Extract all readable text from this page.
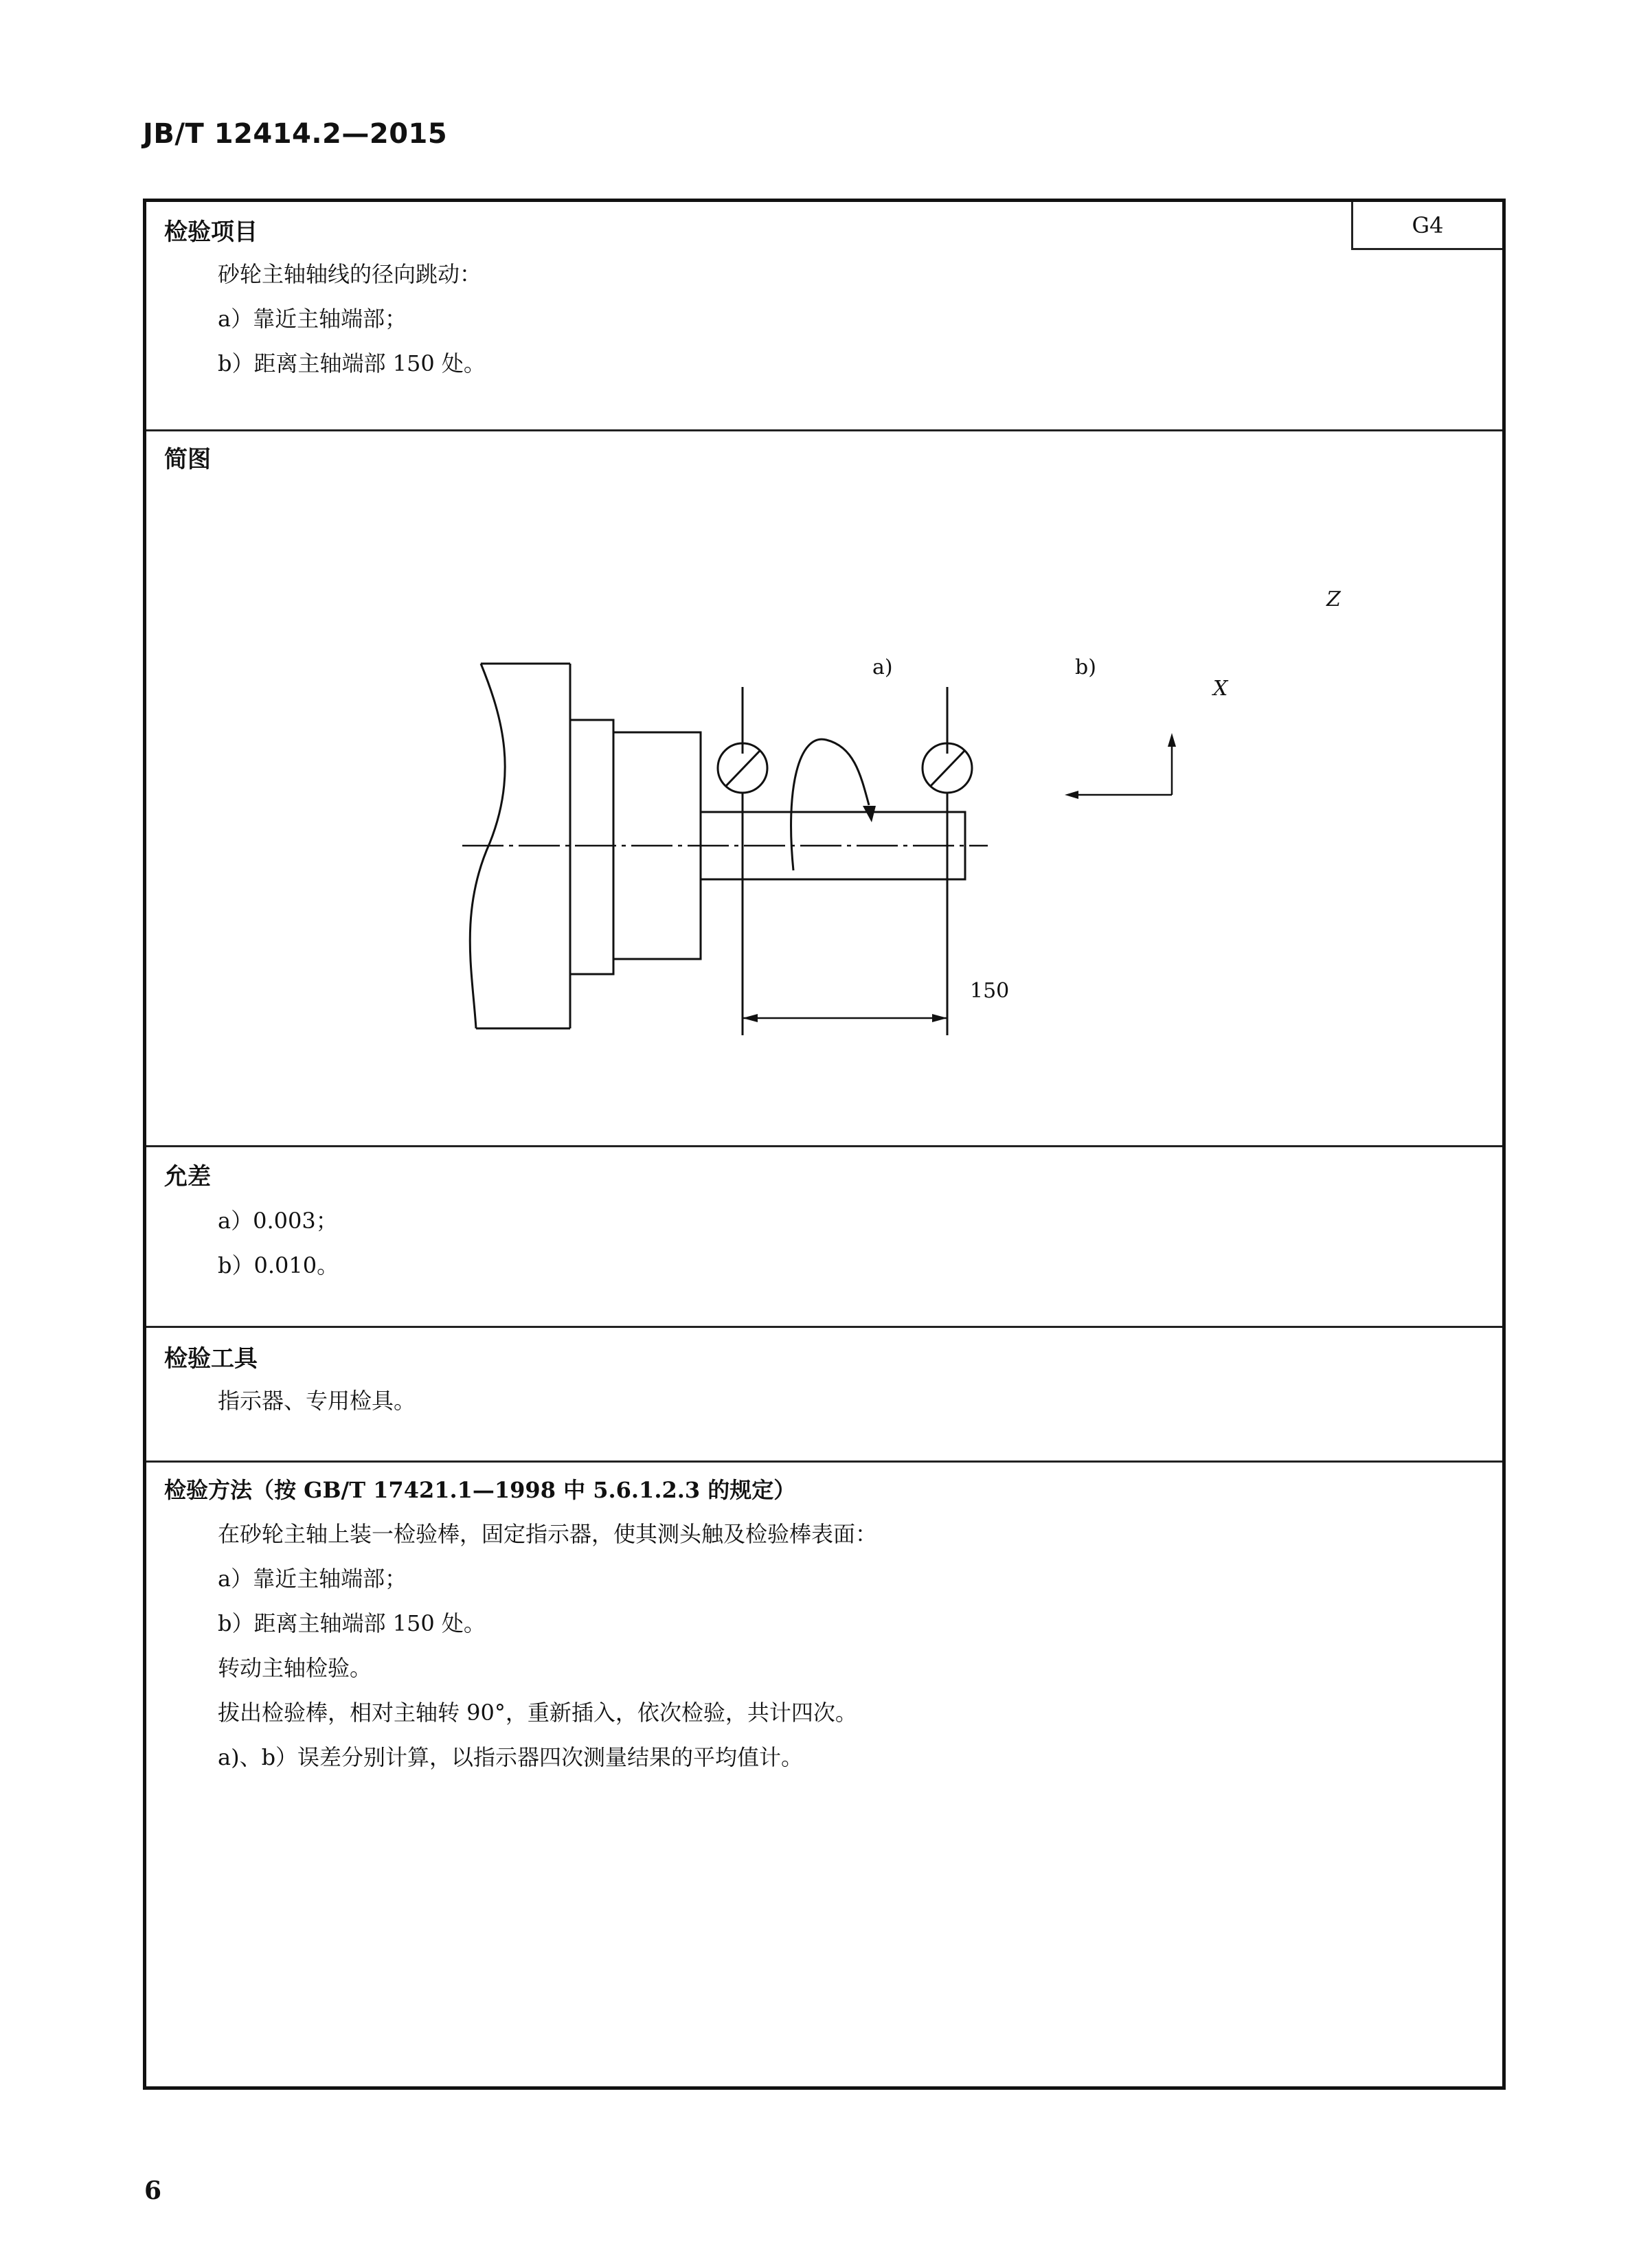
JB/T 12414.2—2015
检验项目	G4
砂轮主轴轴线的径向跳动：
a）靠近主轴端部；
b）距离主轴端部 150 处。
简图
a)	b)
Z
X
150
允差
a）0.003；
b）0.010。
检验工具
指示器、专用检具。
检验方法（按 GB/T 17421.1—1998 中 5.6.1.2.3 的规定）
在砂轮主轴上装一检验棒，固定指示器，使其测头触及检验棒表面：
a）靠近主轴端部；
b）距离主轴端部 150 处。
转动主轴检验。
拔出检验棒，相对主轴转 90°，重新插入，依次检验，共计四次。
a)、b）误差分别计算，以指示器四次测量结果的平均值计。
6
